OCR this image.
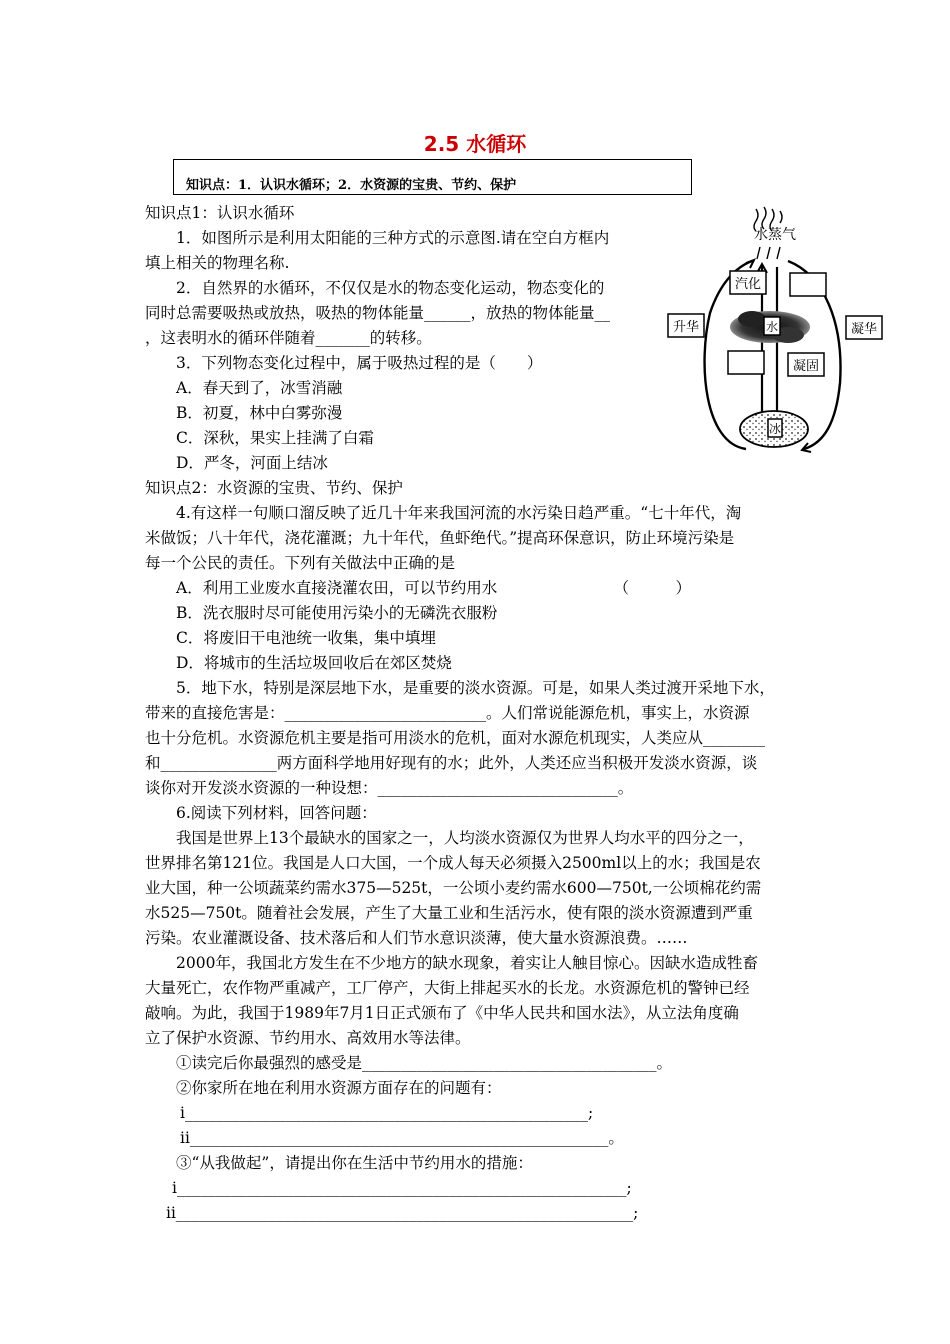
2.5 水循环
知识点：1．认识水循环；2．水资源的宝贵、节约、保护
知识点1：认识水循环
1．如图所示是利用太阳能的三种方式的示意图.请在空白方框内
填上相关的物理名称.
2．自然界的水循环，不仅仅是水的物态变化运动，物态变化的
同时总需要吸热或放热，吸热的物体能量______，放热的物体能量__
，这表明水的循环伴随着_______的转移。
3．下列物态变化过程中，属于吸热过程的是（　　）
A．春天到了，冰雪消融
B．初夏，林中白雾弥漫
C．深秋，果实上挂满了白霜
D．严冬，河面上结冰
知识点2：水资源的宝贵、节约、保护
4.有这样一句顺口溜反映了近几十年来我国河流的水污染日趋严重。“七十年代，淘
米做饭；八十年代，浇花灌溉；九十年代，鱼虾绝代。”提高环保意识，防止环境污染是
每一个公民的责任。下列有关做法中正确的是
A．利用工业废水直接浇灌农田，可以节约用水　　　　　　　　（　　　）
B．洗衣服时尽可能使用污染小的无磷洗衣服粉
C．将废旧干电池统一收集，集中填埋
D．将城市的生活垃圾回收后在郊区焚烧
5．地下水，特别是深层地下水，是重要的淡水资源。可是，如果人类过渡开采地下水，
带来的直接危害是：__________________________。人们常说能源危机，事实上，水资源
也十分危机。水资源危机主要是指可用淡水的危机，面对水源危机现实，人类应从________
和_______________两方面科学地用好现有的水；此外，人类还应当积极开发淡水资源，谈
谈你对开发淡水资源的一种设想：_______________________________。
6.阅读下列材料，回答问题：
我国是世界上13个最缺水的国家之一，人均淡水资源仅为世界人均水平的四分之一，
世界排名第121位。我国是人口大国，一个成人每天必须摄入2500ml以上的水；我国是农
业大国，种一公顷蔬菜约需水375—525t，一公顷小麦约需水600—750t,一公顷棉花约需
水525—750t。随着社会发展，产生了大量工业和生活污水，使有限的淡水资源遭到严重
污染。农业灌溉设备、技术落后和人们节水意识淡薄，使大量水资源浪费。……
2000年，我国北方发生在不少地方的缺水现象，着实让人触目惊心。因缺水造成牲畜
大量死亡，农作物严重减产，工厂停产，大街上排起买水的长龙。水资源危机的警钟已经
敲响。为此，我国于1989年7月1日正式颁布了《中华人民共和国水法》，从立法角度确
立了保护水资源、节约用水、高效用水等法律。
①读完后你最强烈的感受是______________________________________。
②你家所在地在利用水资源方面存在的问题有：
ⅰ____________________________________________________;
ⅱ______________________________________________________。
③“从我做起”，请提出你在生活中节约用水的措施：
ⅰ__________________________________________________________;
ⅱ___________________________________________________________;
水蒸气
汽化
升华	凝华
水
凝固
冰
